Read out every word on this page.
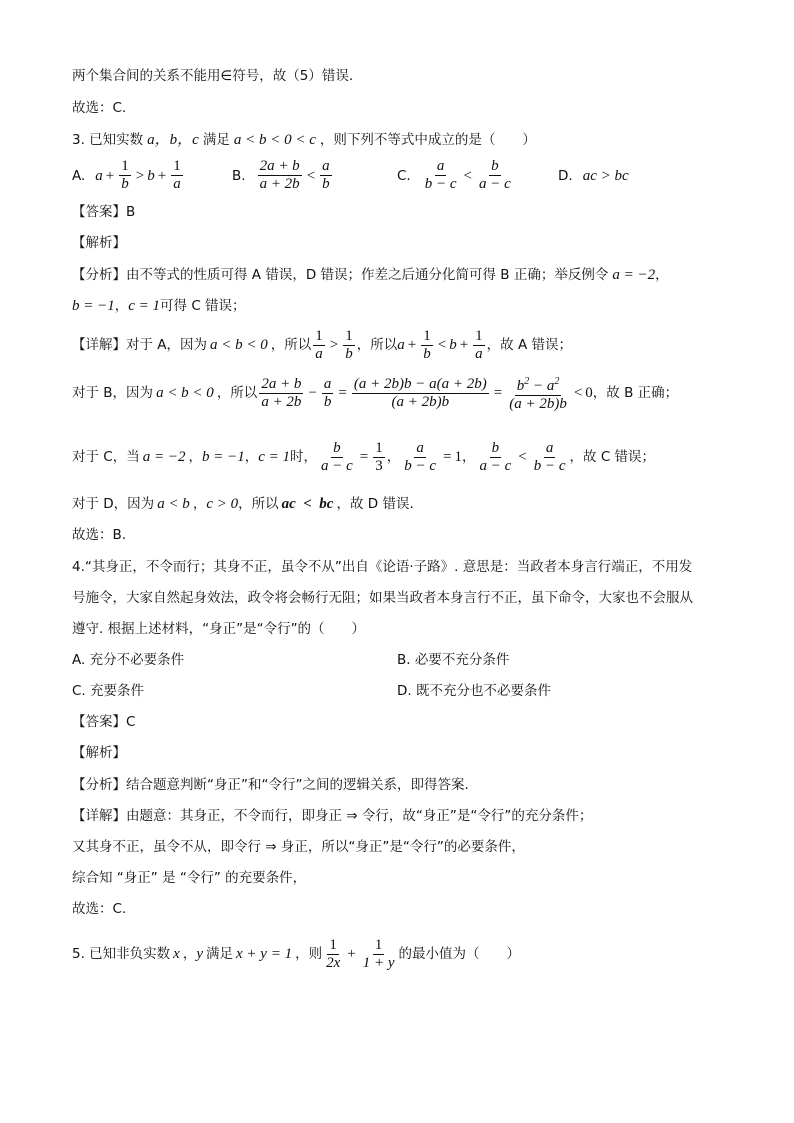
两个集合间的关系不能用∈符号，故（5）错误.
故选：C.
3. 已知实数 a，b，c 满足 a < b < 0 < c ，则下列不等式中成立的是（　　）
A. $a + \frac{1}{b} > b + \frac{1}{a}$	B. $\frac{2a + b}{a + 2b} < \frac{a}{b}$	C. $\frac{a}{b - c} < \frac{b}{a - c}$	D. ac > bc
【答案】B
【解析】
【分析】由不等式的性质可得 A 错误，D 错误；作差之后通分化简可得 B 正确；举反例令 a = −2 ，
b = −1 ， c = 1 可得 C 错误；
【详解】对于 A，因为 a < b < 0 ，所以 $\frac{1}{a} > \frac{1}{b}$ ，所以 $a + \frac{1}{b} < b + \frac{1}{a}$ ，故 A 错误；
对于 B，因为 a < b < 0 ，所以 $\frac{2a + b}{a + 2b} - \frac{a}{b} = \frac{(a + 2b)b - a(a + 2b)}{(a + 2b)b} = \frac{b^2 - a^2}{(a + 2b)b} < 0$ ，故 B 正确；
对于 C，当 a = −2 ， b = −1 ， c = 1 时， $\frac{b}{a - c} = \frac{1}{3}$ ， $\frac{a}{b - c} = 1$ ， $\frac{b}{a - c} < \frac{a}{b - c}$ ，故 C 错误；
对于 D，因为 a < b ， c > 0 ，所以 ac  <  bc ，故 D 错误.
故选：B.
4.“其身正，不令而行；其身不正，虽令不从”出自《论语·子路》. 意思是：当政者本身言行端正，不用发
号施令，大家自然起身效法，政令将会畅行无阻；如果当政者本身言行不正，虽下命令，大家也不会服从
遵守. 根据上述材料，“身正”是“令行”的（　　）
A. 充分不必要条件	B. 必要不充分条件
C. 充要条件	D. 既不充分也不必要条件
【答案】C
【解析】
【分析】结合题意判断“身正”和“令行”之间的逻辑关系，即得答案.
【详解】由题意：其身正，不令而行，即身正 ⇒ 令行，故“身正”是“令行”的充分条件；
又其身不正，虽令不从，即令行 ⇒ 身正，所以“身正”是“令行”的必要条件，
综合知 “身正” 是 “令行” 的充要条件，
故选：C.
5. 已知非负实数 x ， y 满足 x + y = 1 ，则 $\frac{1}{2x} + \frac{1}{1 + y}$ 的最小值为（　　）
